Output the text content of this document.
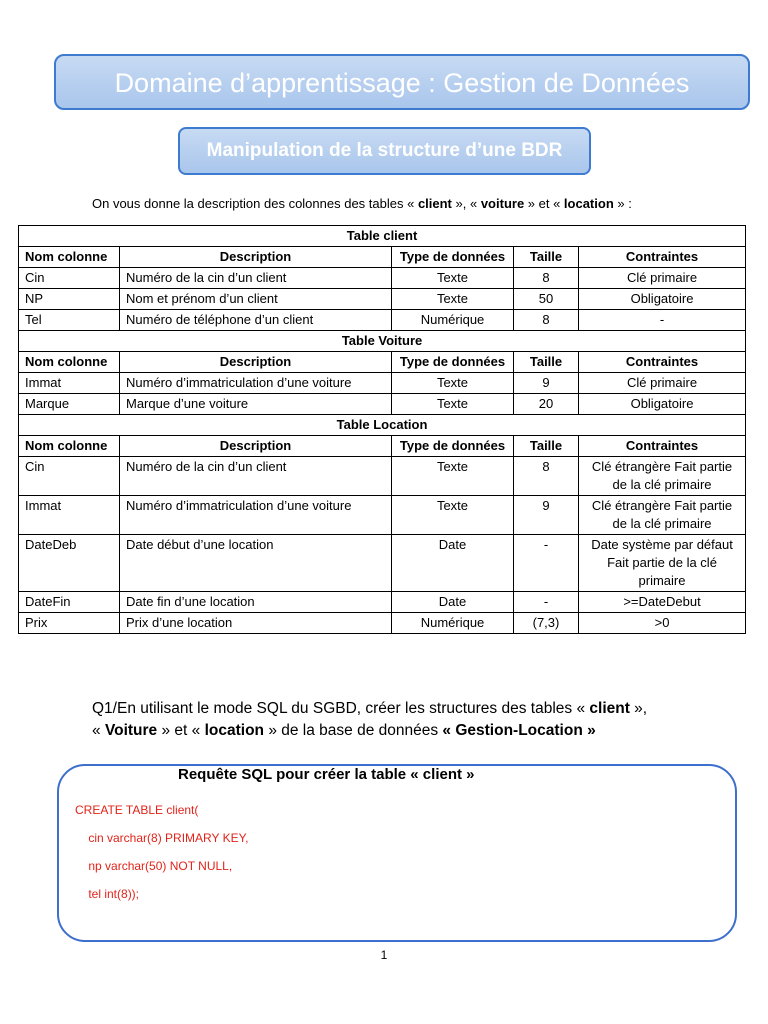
Domaine d’apprentissage : Gestion de Données
Manipulation de la structure d’une BDR
On vous donne la description des colonnes des tables « client », « voiture » et « location » :
Table client				
Nom colonne	Description	Type de données	Taille	Contraintes
Cin	Numéro de la cin d’un client	Texte	8	Clé primaire
NP	Nom et prénom d’un client	Texte	50	Obligatoire
Tel	Numéro de téléphone d’un client	Numérique	8	-
Table Voiture				
Nom colonne	Description	Type de données	Taille	Contraintes
Immat	Numéro d’immatriculation d’une voiture	Texte	9	Clé primaire
Marque	Marque d’une voiture	Texte	20	Obligatoire
Table Location				
Nom colonne	Description	Type de données	Taille	Contraintes
Cin	Numéro de la cin d’un client	Texte	8	Clé étrangère Fait partie de la clé primaire
Immat	Numéro d’immatriculation d’une voiture	Texte	9	Clé étrangère Fait partie de la clé primaire
DateDeb	Date début d’une location	Date	-	Date système par défaut Fait partie de la clé primaire
DateFin	Date fin d’une location	Date	-	>=DateDebut
Prix	Prix d’une location	Numérique	(7,3)	>0
Q1/En utilisant le mode SQL du SGBD, créer les structures des tables « client »,
« Voiture » et « location » de la base de données « Gestion-Location »
Requête SQL pour créer la table « client »
CREATE TABLE client(
cin varchar(8) PRIMARY KEY,
np varchar(50) NOT NULL,
tel int(8));
1
